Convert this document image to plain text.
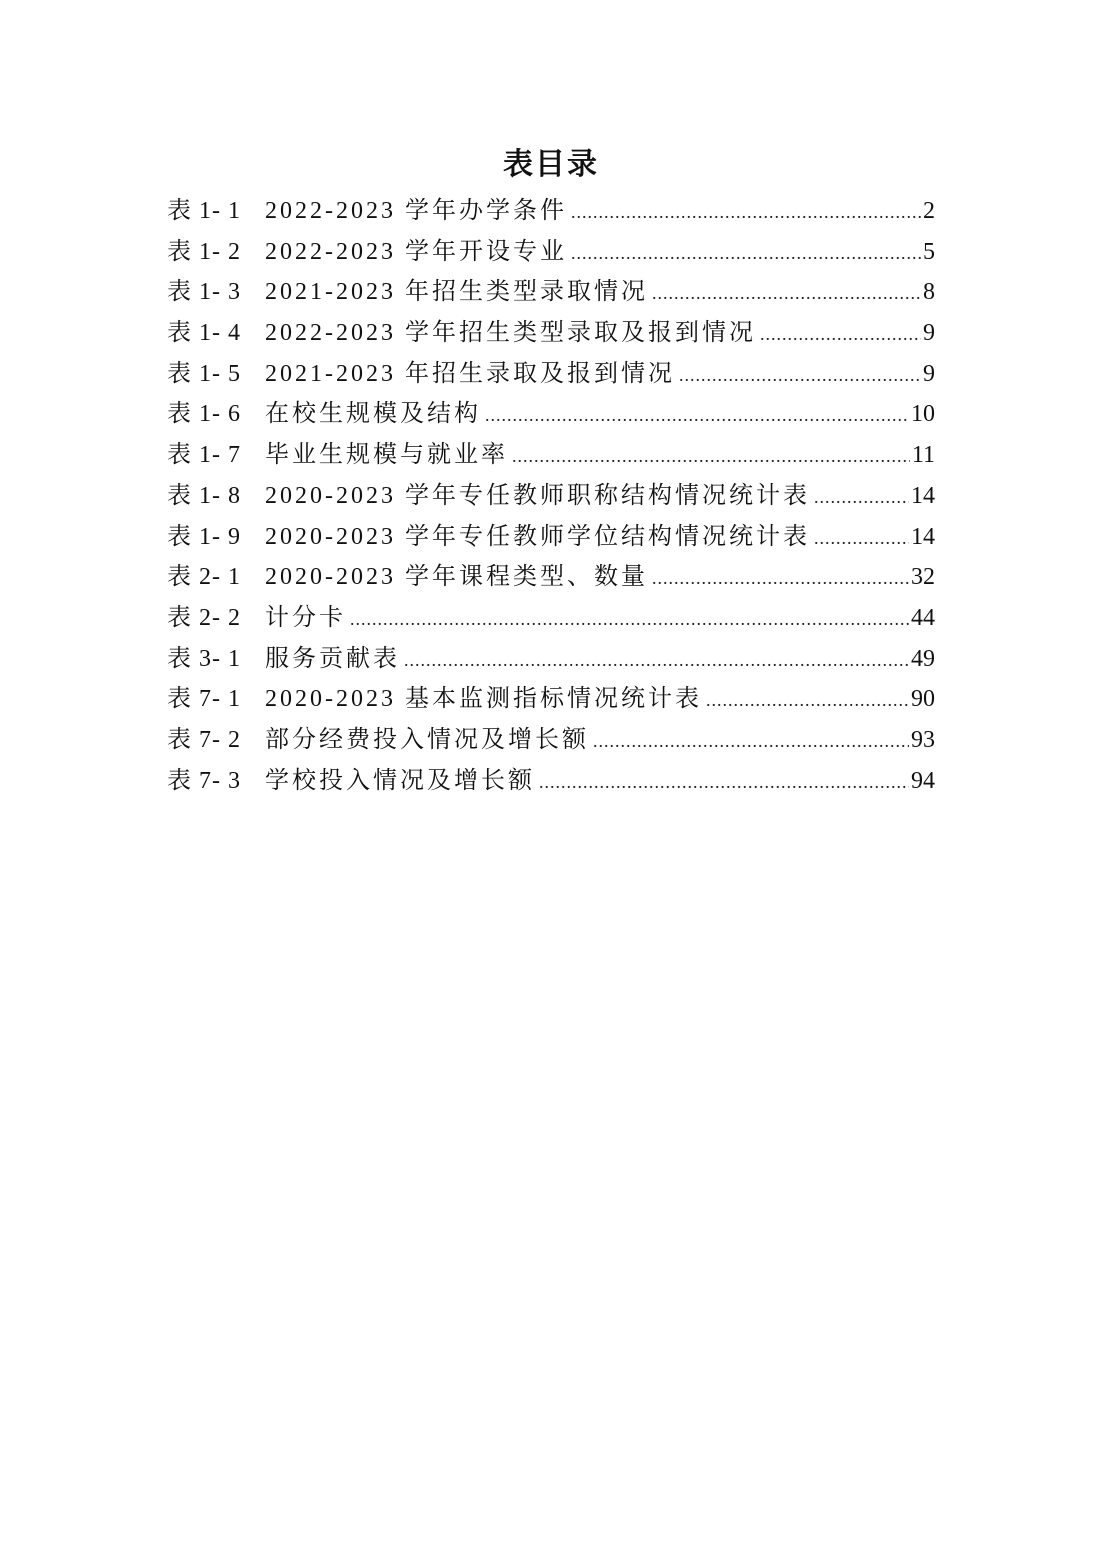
表目录
表 1- 1 2022-2023 学年办学条件 .....	2
表 1- 2 2022-2023 学年开设专业 .....	5
表 1- 3 2021-2023 年招生类型录取情况 .....	8
表 1- 4 2022-2023 学年招生类型录取及报到情况 .....	9
表 1- 5 2021-2023 年招生录取及报到情况 .....	9
表 1- 6 在校生规模及结构 .....	10
表 1- 7 毕业生规模与就业率 .....	11
表 1- 8 2020-2023 学年专任教师职称结构情况统计表 .....	14
表 1- 9 2020-2023 学年专任教师学位结构情况统计表 .....	14
表 2- 1 2020-2023 学年课程类型、数量 .....	32
表 2- 2 计分卡 .....	44
表 3- 1 服务贡献表 .....	49
表 7- 1 2020-2023 基本监测指标情况统计表 .....	90
表 7- 2 部分经费投入情况及增长额 .....	93
表 7- 3 学校投入情况及增长额 .....	94
